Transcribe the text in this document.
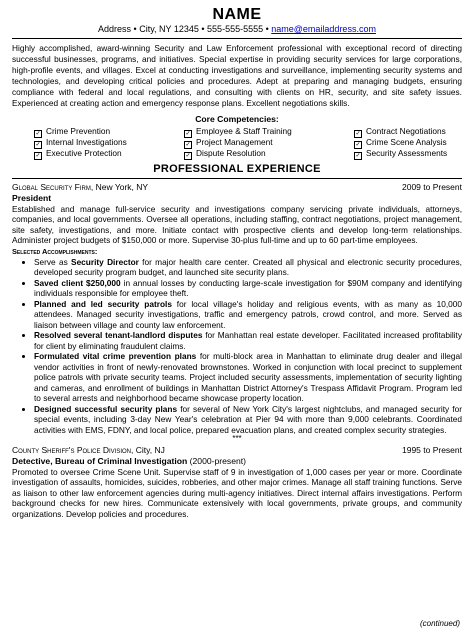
NAME
Address • City, NY 12345 • 555-555-5555 • name@emailaddress.com
Highly accomplished, award-winning Security and Law Enforcement professional with exceptional record of directing successful businesses, programs, and initiatives. Special expertise in providing security services for large corporations, high-profile events, and villages. Excel at conducting investigations and surveillance, implementing security systems and technologies, and developing critical policies and procedures. Adept at preparing and managing budgets, ensuring compliance with federal and local regulations, and consulting with clients on HR, security, and site safety issues. Experienced at creating action and emergency response plans. Excellent negotiations skills.
Core Competencies:
✓ Crime Prevention	✓ Employee & Staff Training	✓ Contract Negotiations
✓ Internal Investigations	✓ Project Management	✓ Crime Scene Analysis
✓ Executive Protection	✓ Dispute Resolution	✓ Security Assessments
PROFESSIONAL EXPERIENCE
Global Security Firm, New York, NY	2009 to Present
President
Established and manage full-service security and investigations company servicing private individuals, attorneys, companies, and local governments. Oversee all operations, including staffing, contract negotiations, project management, site safety, investigations, and more. Initiate contact with prospective clients and develop long-term relationships. Administer project budgets of $150,000 or more. Supervise 30-plus full-time and up to 60 part-time employees.
Selected Accomplishments:
• Serve as Security Director for major health care center. Created all physical and electronic security procedures, developed security program budget, and launched site security plans.
• Saved client $250,000 in annual losses by conducting large-scale investigation for $90M company and identifying individuals responsible for employee theft.
• Planned and led security patrols for local village's holiday and religious events, with as many as 10,000 attendees. Managed security investigations, traffic and emergency patrols, crowd control, and more. Served as liaison between village and county law enforcement.
• Resolved several tenant-landlord disputes for Manhattan real estate developer. Facilitated increased profitability for client by eliminating fraudulent claims.
• Formulated vital crime prevention plans for multi-block area in Manhattan to eliminate drug dealer and illegal vendor activities in front of newly-renovated brownstones. Worked in conjunction with local precinct to supplement police patrols with private security teams. Project included security assessments, implementation of security lighting and cameras, and enrollment of buildings in Manhattan District Attorney's Trespass Affidavit Program. Program led to several arrests and neighborhood became showcase property location.
• Designed successful security plans for several of New York City's largest nightclubs, and managed security for special events, including 3-day New Year's celebration at Pier 94 with more than 9,000 celebrants. Coordinated activities with EMS, FDNY, and local police, prepared evacuation plans, and created complex security strategies.
***
County Sheriff's Police Division, City, NJ	1995 to Present
Detective, Bureau of Criminal Investigation (2000-present)
Promoted to oversee Crime Scene Unit. Supervise staff of 9 in investigation of 1,000 cases per year or more. Coordinate investigation of assaults, homicides, suicides, robberies, and other major crimes. Manage all staff training functions. Serve as liaison to other law enforcement agencies during multi-agency initiatives. Direct internal affairs investigations. Perform background checks for new hires. Communicate extensively with local governments, private groups, and community organizations. Develop policies and procedures.
(continued)
